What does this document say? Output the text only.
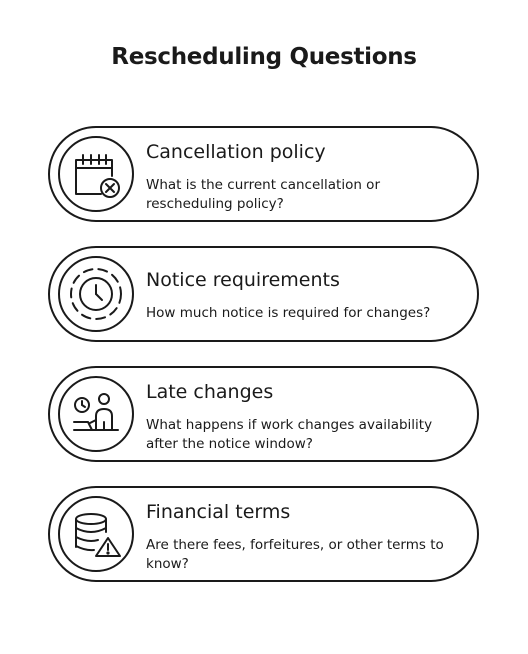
Rescheduling Questions
Cancellation policy
What is the current cancellation or rescheduling policy?
Notice requirements
How much notice is required for changes?
Late changes
What happens if work changes availability after the notice window?
Financial terms
Are there fees, forfeitures, or other terms to know?
